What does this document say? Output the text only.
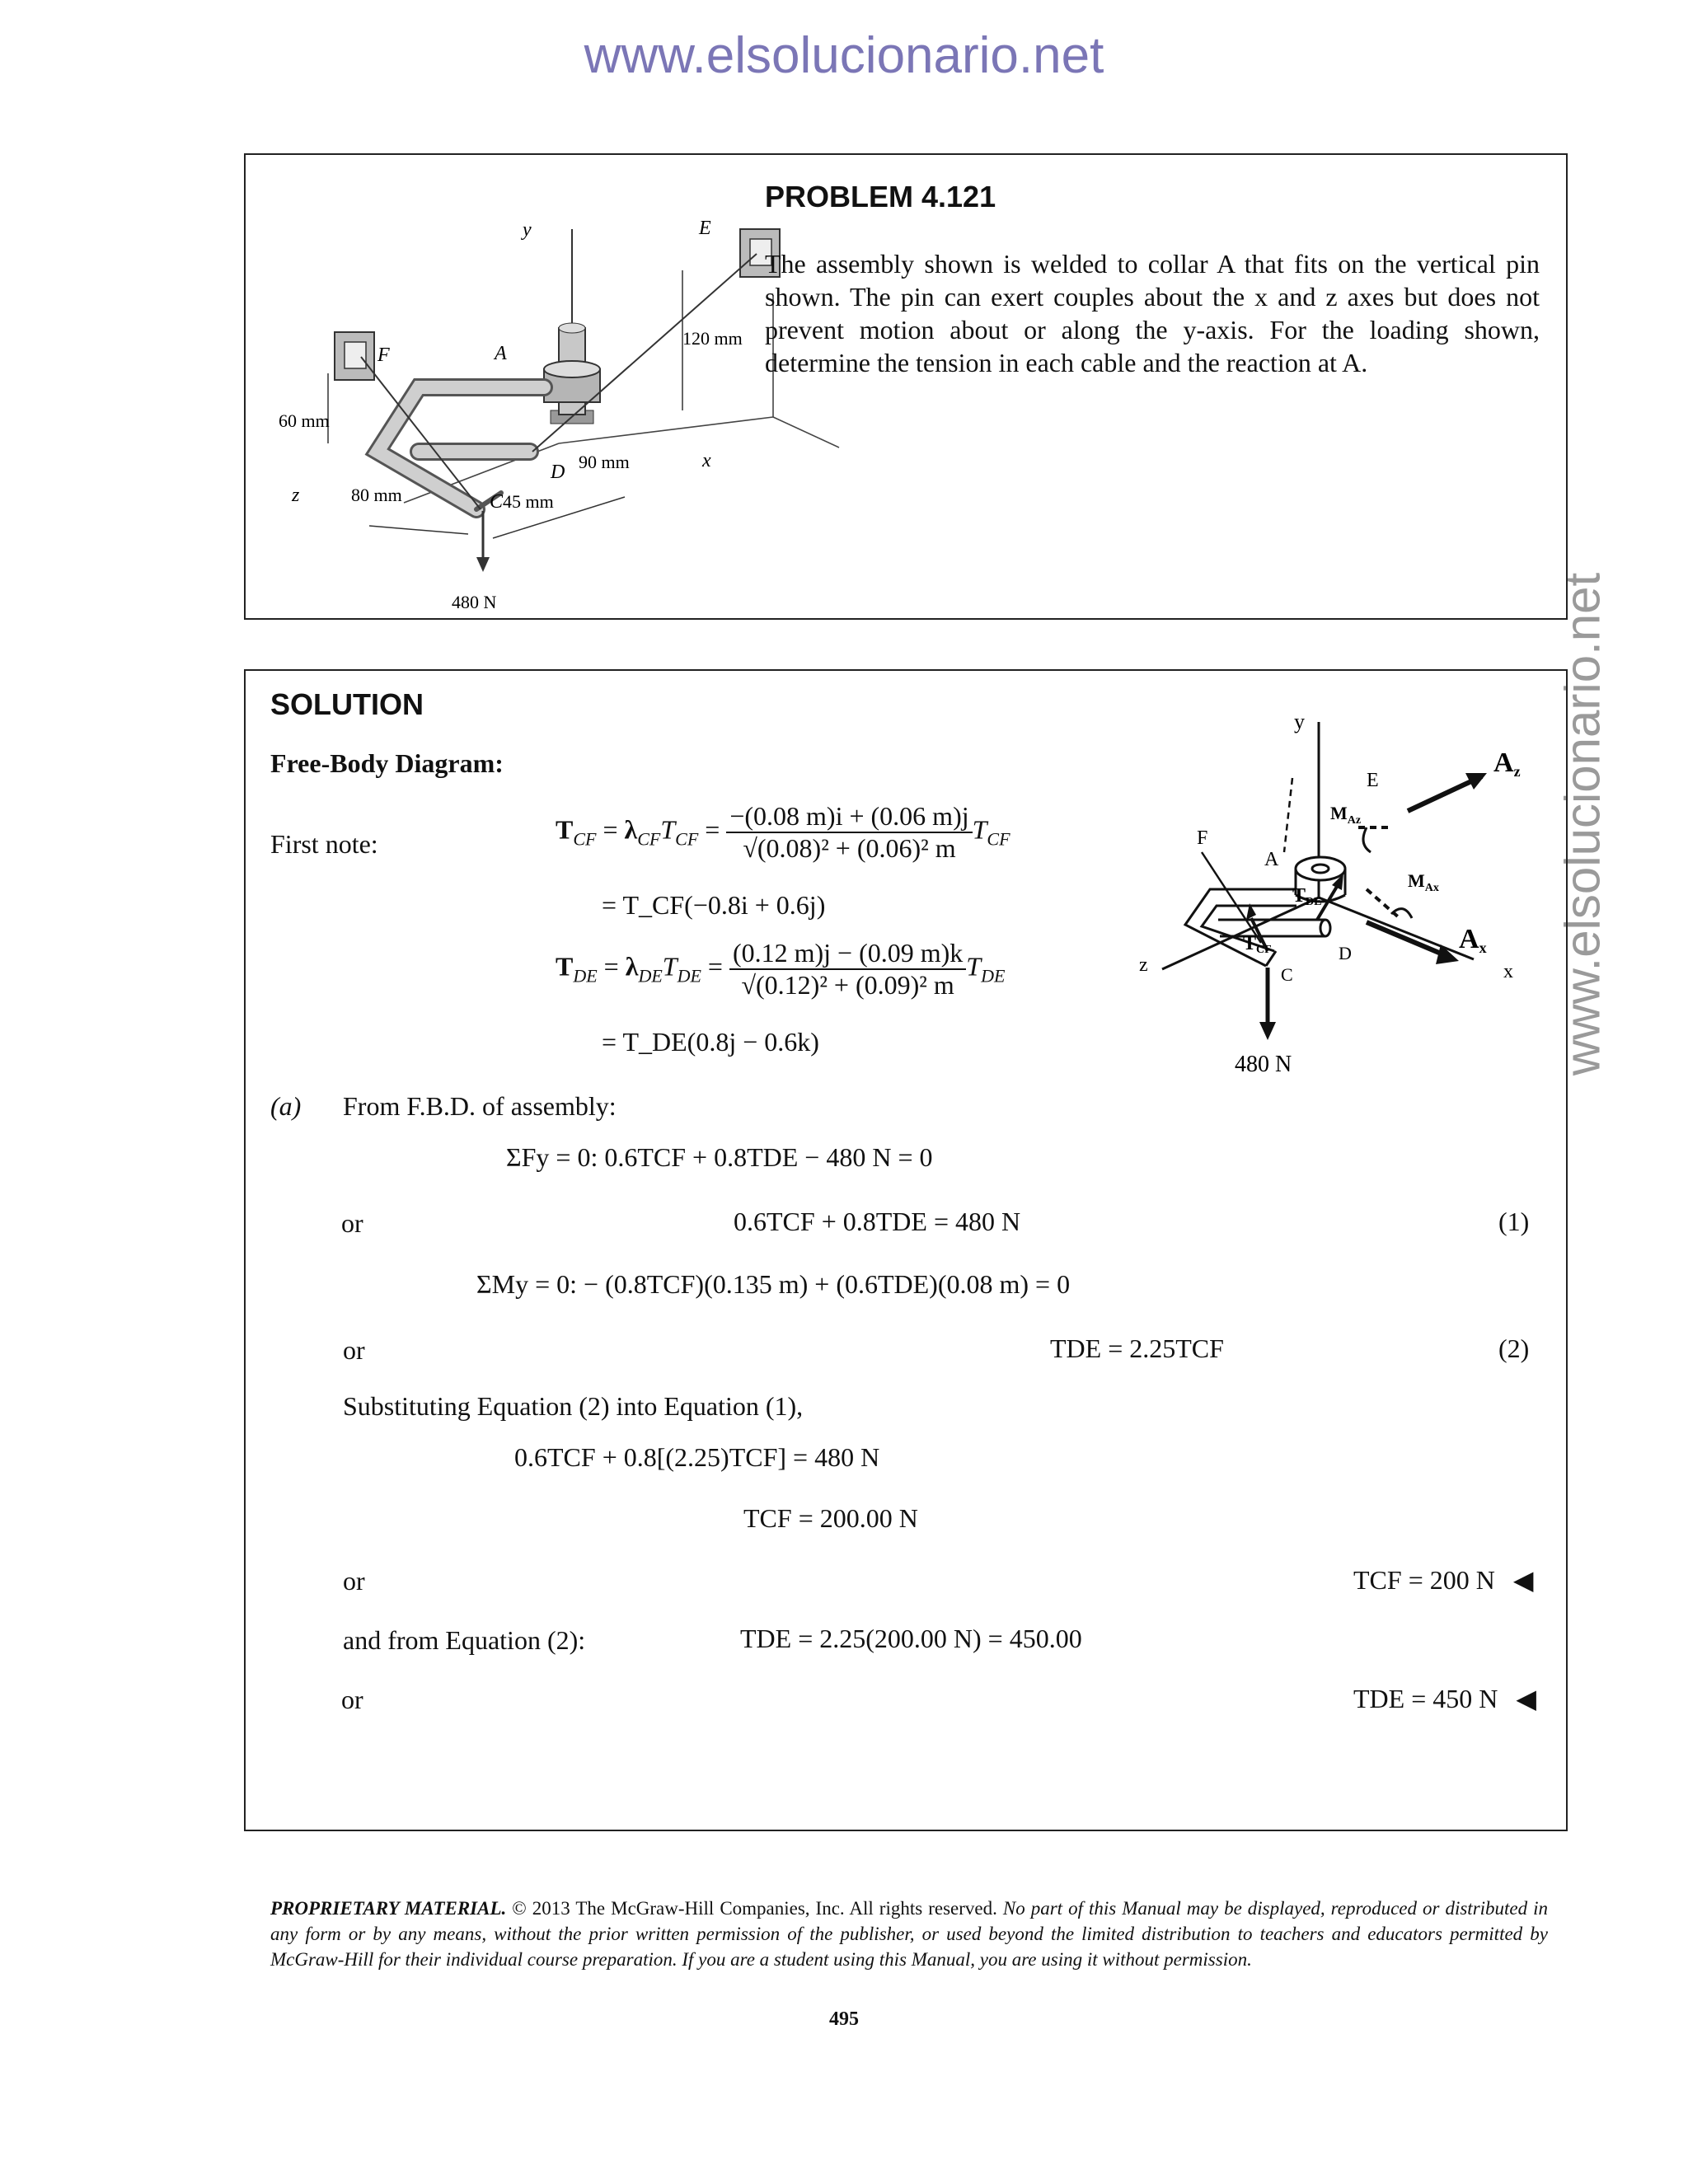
www.elsolucionario.net
www.elsolucionario.net
y	E
F	A
120 mm
60 mm
D 90 mm	x
z	80 mm	C 45 mm
480 N
PROBLEM 4.121
The assembly shown is welded to collar A that fits on the vertical pin shown. The pin can exert couples about the x and z axes but does not prevent motion about or along the y-axis. For the loading shown, determine the tension in each cable and the reaction at A.
SOLUTION
Free-Body Diagram:
y
E
F
A
D
C	x
z
Az
Ax
$M_{Az}$
$M_{Ax}$
TCF
TDE
480 N
First note:	$T_{CF} = \lambda_{CF}T_{CF} = \frac{-(0.08 m)i + (0.06 m)j}{\text{√(0.08)² + (0.06)² m}} T_{CF}$
= T_CF(−0.8i + 0.6j)
$T_{DE} = \lambda_{DE}T_{DE} = \frac{(0.12 m)j - (0.09 m)k}{\text{√(0.12)² + (0.09)² m}} T_{DE}$
= T_DE(0.8j − 0.6k)
(a) From F.B.D. of assembly:
ΣFy = 0: 0.6TCF + 0.8TDE − 480 N = 0
or	0.6TCF + 0.8TDE = 480 N	(1)
ΣMy = 0: − (0.8TCF)(0.135 m) + (0.6TDE)(0.08 m) = 0
or	TDE = 2.25TCF	(2)
Substituting Equation (2) into Equation (1),
0.6TCF + 0.8[(2.25)TCF] = 480 N
TCF = 200.00 N
or	TCF = 200 N ◀
and from Equation (2):	TDE = 2.25(200.00 N) = 450.00
or	TDE = 450 N ◀
PROPRIETARY MATERIAL. © 2013 The McGraw-Hill Companies, Inc. All rights reserved. No part of this Manual may be displayed, reproduced or distributed in any form or by any means, without the prior written permission of the publisher, or used beyond the limited distribution to teachers and educators permitted by McGraw-Hill for their individual course preparation. If you are a student using this Manual, you are using it without permission.
495
